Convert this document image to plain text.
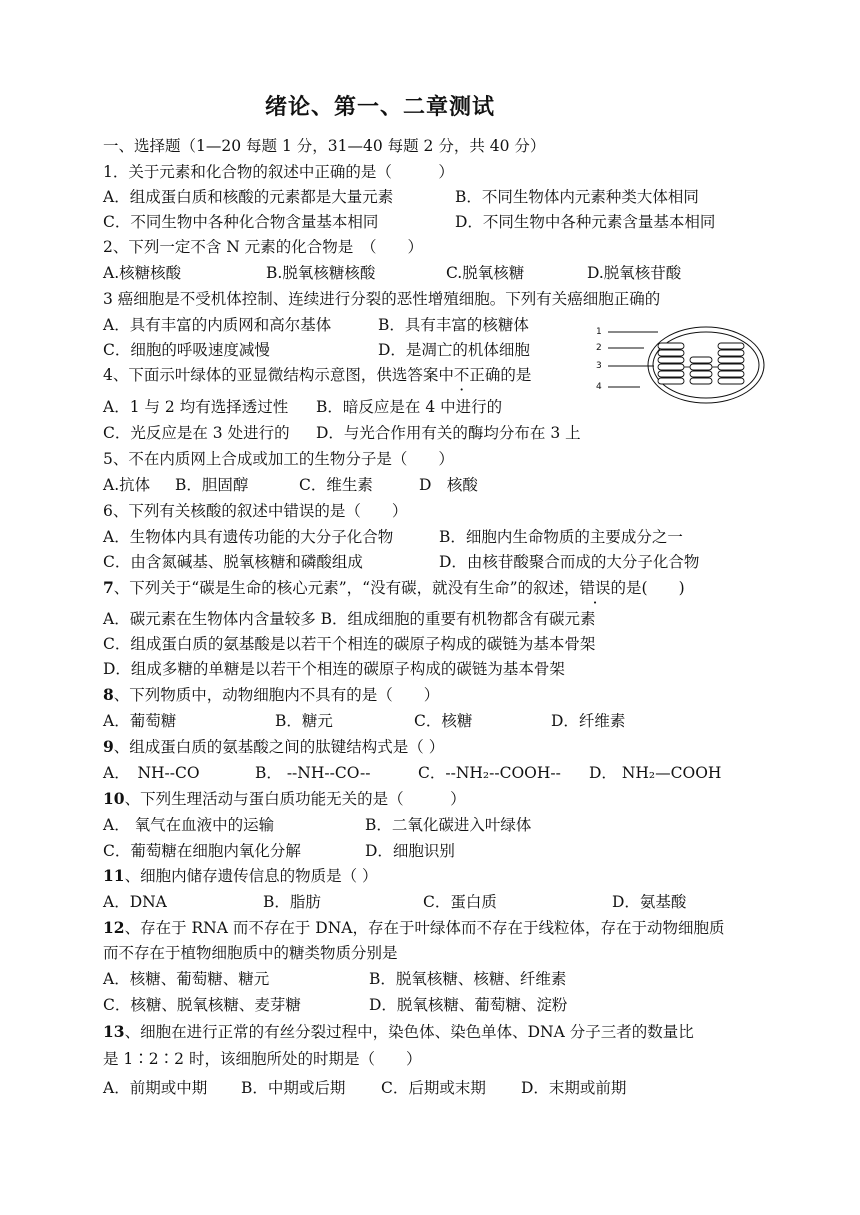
绪论、第一、二章测试
一、选择题（1—20 每题 1 分，31—40 每题 2 分，共 40 分）
1．关于元素和化合物的叙述中正确的是（　　　）
A．组成蛋白质和核酸的元素都是大量元素	B．不同生物体内元素种类大体相同
C．不同生物中各种化合物含量基本相同	D．不同生物中各种元素含量基本相同
2、下列一定不含 N 元素的化合物是　（　　）
A.核糖核酸	B.脱氧核糖核酸	C.脱氧核糖	D.脱氧核苷酸
3 癌细胞是不受机体控制、连续进行分裂的恶性增殖细胞。下列有关癌细胞正确的
A．具有丰富的内质网和高尔基体	B．具有丰富的核糖体
C．细胞的呼吸速度减慢	D．是凋亡的机体细胞
4、下面示叶绿体的亚显微结构示意图，供选答案中不正确的是
1
2
3
4
A．1 与 2 均有选择透过性 B．暗反应是在 4 中进行的
C．光反应是在 3 处进行的 D．与光合作用有关的酶均分布在 3 上
5、不在内质网上合成或加工的生物分子是（　　）
A.抗体 B．胆固醇	C．维生素	D　核酸
6、下列有关核酸的叙述中错误的是（　　）
A．生物体内具有遗传功能的大分子化合物	B．细胞内生命物质的主要成分之一
C．由含氮碱基、脱氧核糖和磷酸组成	D．由核苷酸聚合而成的大分子化合物
7、下列关于“碳是生命的核心元素”，“没有碳，就没有生命”的叙述，错误的是(　　)
A．碳元素在生物体内含量较多 B．组成细胞的重要有机物都含有碳元素
C．组成蛋白质的氨基酸是以若干个相连的碳原子构成的碳链为基本骨架
D．组成多糖的单糖是以若干个相连的碳原子构成的碳链为基本骨架
8、下列物质中，动物细胞内不具有的是（　　）
A．葡萄糖	B．糖元	C．核糖	D．纤维素
9、组成蛋白质的氨基酸之间的肽键结构式是（ ）
A．　NH--CO	B． --NH--CO--	C．--NH₂--COOH-- D． NH₂—COOH
10、下列生理活动与蛋白质功能无关的是（　　　）
A． 氧气在血液中的运输	B．二氧化碳进入叶绿体
C．葡萄糖在细胞内氧化分解	D．细胞识别
11、细胞内储存遗传信息的物质是（ ）
A．DNA	B．脂肪	C．蛋白质	D．氨基酸
12、存在于 RNA 而不存在于 DNA，存在于叶绿体而不存在于线粒体，存在于动物细胞质
而不存在于植物细胞质中的糖类物质分别是
A．核糖、葡萄糖、糖元	B．脱氧核糖、核糖、纤维素
C．核糖、脱氧核糖、麦芽糖	D．脱氧核糖、葡萄糖、淀粉
13、细胞在进行正常的有丝分裂过程中，染色体、染色单体、DNA 分子三者的数量比
是 1∶2∶2 时，该细胞所处的时期是（　　）
A．前期或中期 B．中期或后期 C．后期或末期 D．末期或前期
